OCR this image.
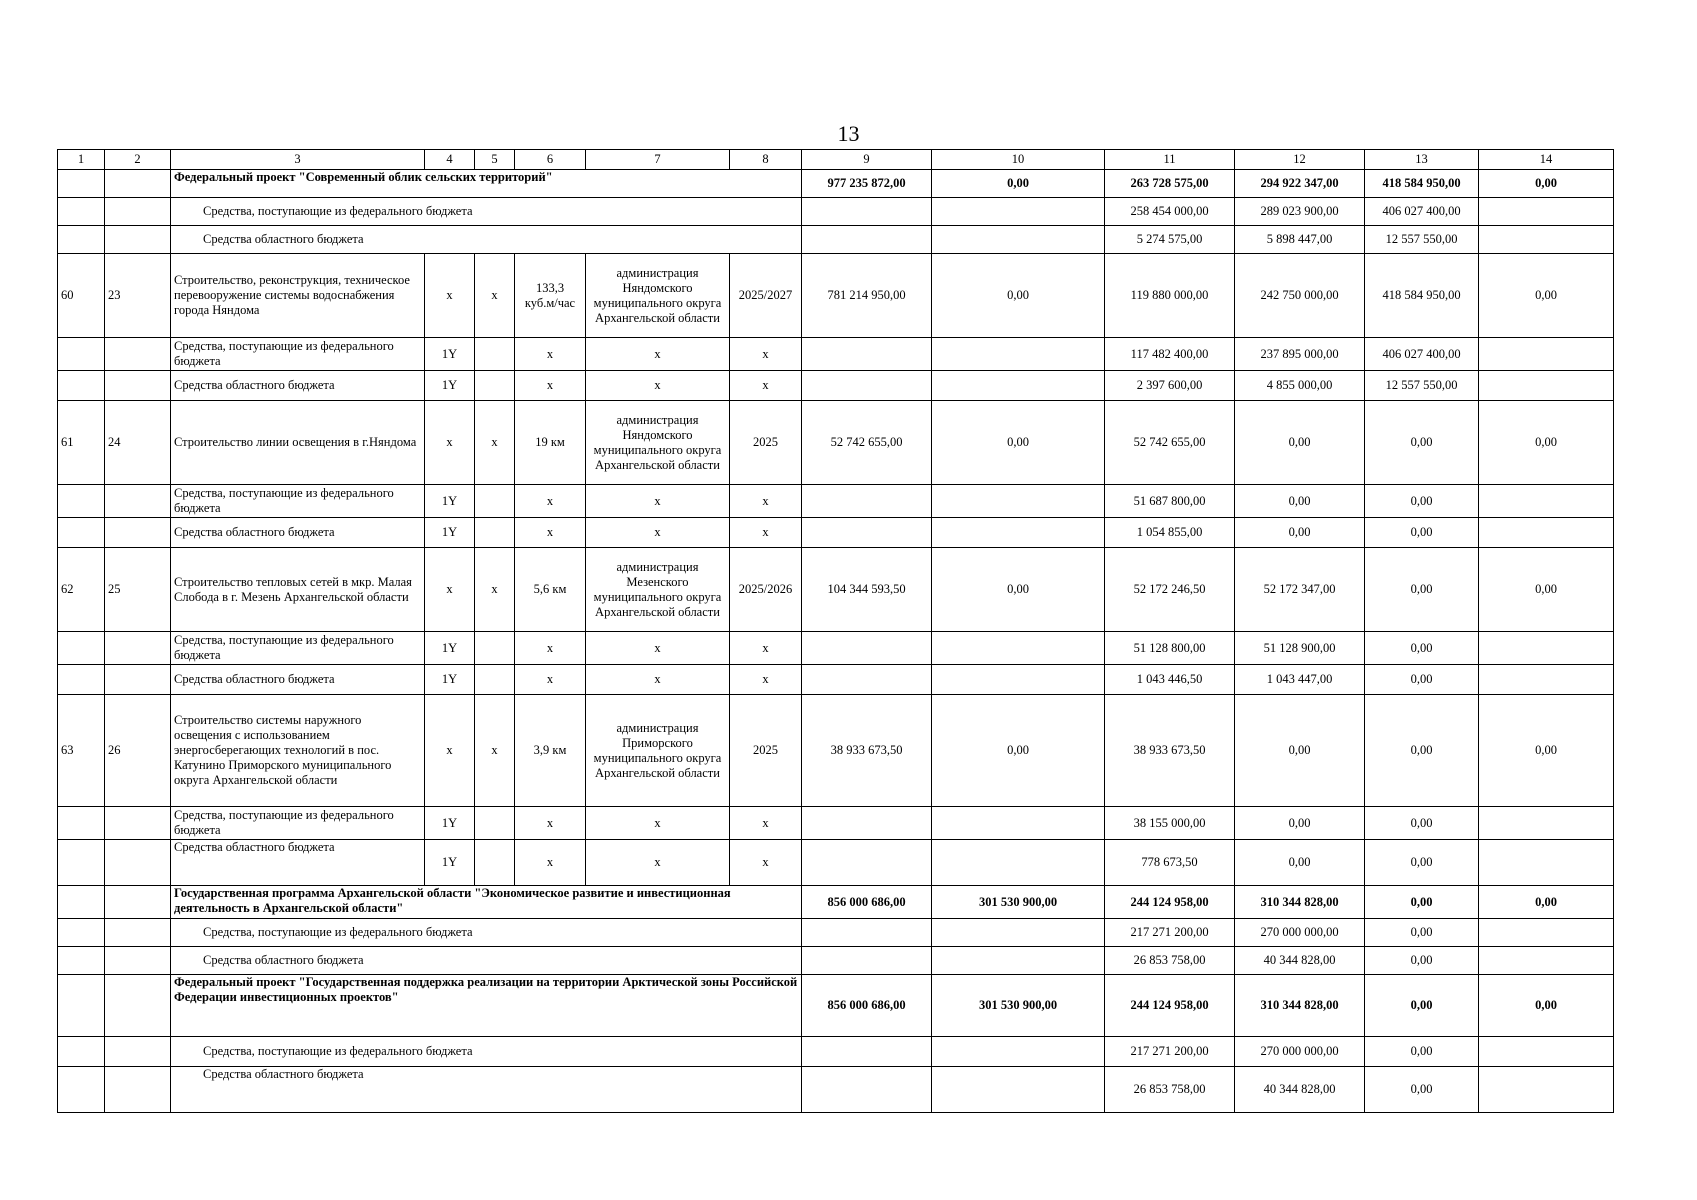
13
1	2	3	4	5	6	7	8	9	10	11	12	13	14
		Федеральный проект "Современный облик сельских территорий"						977 235 872,00	0,00	263 728 575,00	294 922 347,00	418 584 950,00	0,00
		Средства, поступающие из федерального бюджета								258 454 000,00	289 023 900,00	406 027 400,00	
		Средства областного бюджета								5 274 575,00	5 898 447,00	12 557 550,00	
60	23	Строительство, реконструкция, техническое перевооружение системы водоснабжения города Няндома	x	x	133,3 куб.м/час	администрация Няндомского муниципального округа Архангельской области	2025/2027	781 214 950,00	0,00	119 880 000,00	242 750 000,00	418 584 950,00	0,00
		Средства, поступающие из федерального бюджета	1Y		x	x	x			117 482 400,00	237 895 000,00	406 027 400,00	
		Средства областного бюджета	1Y		x	x	x			2 397 600,00	4 855 000,00	12 557 550,00	
61	24	Строительство линии освещения в г.Няндома	x	x	19 км	администрация Няндомского муниципального округа Архангельской области	2025	52 742 655,00	0,00	52 742 655,00	0,00	0,00	0,00
		Средства, поступающие из федерального бюджета	1Y		x	x	x			51 687 800,00	0,00	0,00	
		Средства областного бюджета	1Y		x	x	x			1 054 855,00	0,00	0,00	
62	25	Строительство тепловых сетей в мкр. Малая Слобода в г. Мезень Архангельской области	x	x	5,6 км	администрация Мезенского муниципального округа Архангельской области	2025/2026	104 344 593,50	0,00	52 172 246,50	52 172 347,00	0,00	0,00
		Средства, поступающие из федерального бюджета	1Y		x	x	x			51 128 800,00	51 128 900,00	0,00	
		Средства областного бюджета	1Y		x	x	x			1 043 446,50	1 043 447,00	0,00	
63	26	Строительство системы наружного освещения с использованием энергосберегающих технологий в пос. Катунино Приморского муниципального округа Архангельской области	x	x	3,9 км	администрация Приморского муниципального округа Архангельской области	2025	38 933 673,50	0,00	38 933 673,50	0,00	0,00	0,00
		Средства, поступающие из федерального бюджета	1Y		x	x	x			38 155 000,00	0,00	0,00	
		Средства областного бюджета	1Y		x	x	x			778 673,50	0,00	0,00	
		Государственная программа Архангельской области "Экономическое развитие и инвестиционная деятельность в Архангельской области"						856 000 686,00	301 530 900,00	244 124 958,00	310 344 828,00	0,00	0,00
		Средства, поступающие из федерального бюджета								217 271 200,00	270 000 000,00	0,00	
		Средства областного бюджета								26 853 758,00	40 344 828,00	0,00	
		Федеральный проект "Государственная поддержка реализации на территории Арктической зоны Российской Федерации инвестиционных проектов"						856 000 686,00	301 530 900,00	244 124 958,00	310 344 828,00	0,00	0,00
		Средства, поступающие из федерального бюджета								217 271 200,00	270 000 000,00	0,00	
		Средства областного бюджета								26 853 758,00	40 344 828,00	0,00	
